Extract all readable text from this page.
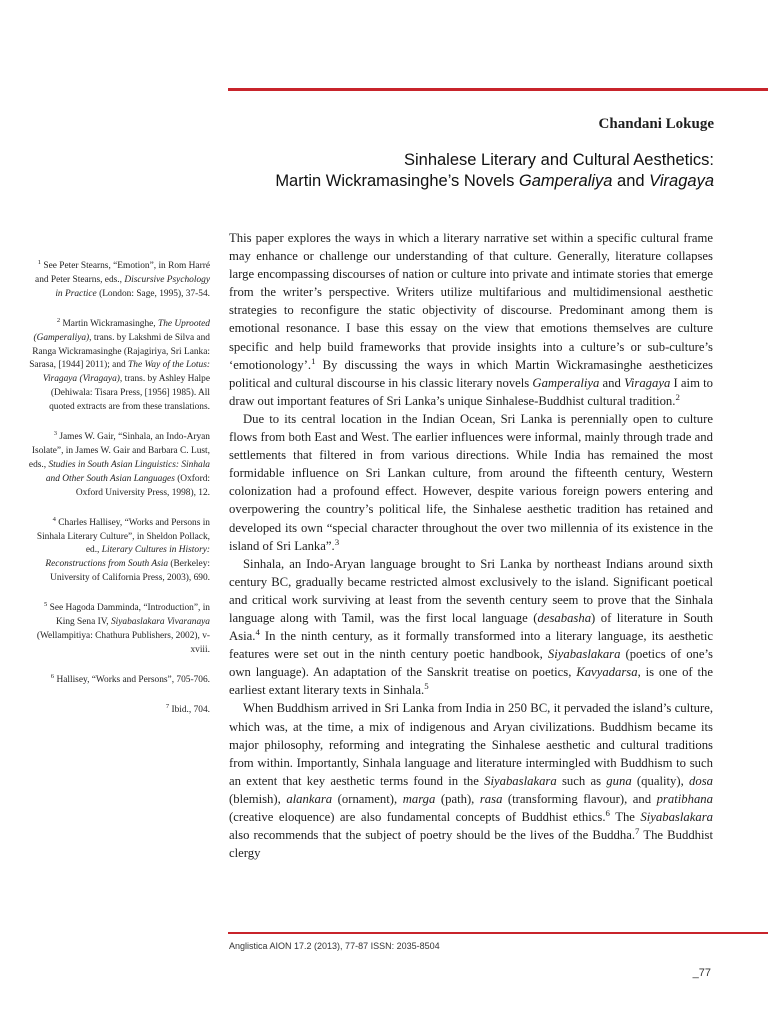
Chandani Lokuge
Sinhalese Literary and Cultural Aesthetics:
Martin Wickramasinghe’s Novels Gamperaliya and Viragaya

This paper explores the ways in which a literary narrative set within a specific cultural frame may enhance or challenge our understanding of that culture. Generally, literature collapses large encompassing discourses of nation or culture into private and intimate stories that emerge from the writer’s perspective. Writers utilize multifarious and multidimensional aesthetic strategies to reconfigure the static objectivity of discourse. Predominant among them is emotional resonance. I base this essay on the view that emotions themselves are culture specific and help build frameworks that provide insights into a culture’s or sub-culture’s ‘emotionology’.$^1$ By discussing the ways in which Martin Wickramasinghe aestheticizes political and cultural discourse in his classic literary novels Gamperaliya and Viragaya I aim to draw out important features of Sri Lanka’s unique Sinhalese-Buddhist cultural tradition.$^2$

Due to its central location in the Indian Ocean, Sri Lanka is perennially open to culture flows from both East and West. The earlier influences were informal, mainly through trade and settlements that filtered in from various directions. While India has remained the most formidable influence on Sri Lankan culture, from around the fifteenth century, Western colonization had a profound effect. However, despite various foreign powers entering and overpowering the country’s political life, the Sinhalese aesthetic tradition has retained and developed its own “special character throughout the over two millennia of its existence in the island of Sri Lanka”.$^3$

Sinhala, an Indo-Aryan language brought to Sri Lanka by northeast Indians around sixth century BC, gradually became restricted almost exclusively to the island. Significant poetical and critical work surviving at least from the seventh century seem to prove that the Sinhala language along with Tamil, was the first local language (desabasha) of literature in South Asia.$^4$ In the ninth century, as it formally transformed into a literary language, its aesthetic features were set out in the ninth century poetic handbook, Siyabaslakara (poetics of one’s own language). An adaptation of the Sanskrit treatise on poetics, Kavyadarsa, is one of the earliest extant literary texts in Sinhala.$^5$

When Buddhism arrived in Sri Lanka from India in 250 BC, it pervaded the island’s culture, which was, at the time, a mix of indigenous and Aryan civilizations. Buddhism became its major philosophy, reforming and integrating the Sinhalese aesthetic and cultural traditions from within. Importantly, Sinhala language and literature intermingled with Buddhism to such an extent that key aesthetic terms found in the Siyabaslakara such as guna (quality), dosa (blemish), alankara (ornament), marga (path), rasa (transforming flavour), and pratibhana (creative eloquence) are also fundamental concepts of Buddhist ethics.$^6$ The Siyabaslakara also recommends that the subject of poetry should be the lives of the Buddha.$^7$ The Buddhist clergy

$^1$ See Peter Stearns, “Emotion”, in Rom Harré and Peter Stearns, eds., Discursive Psychology in Practice (London: Sage, 1995), 37-54.

$^2$ Martin Wickramasinghe, The Uprooted (Gamperaliya), trans. by Lakshmi de Silva and Ranga Wickramasinghe (Rajagiriya, Sri Lanka: Sarasa, [1944] 2011); and The Way of the Lotus: Viragaya (Viragaya), trans. by Ashley Halpe (Dehiwala: Tisara Press, [1956] 1985). All quoted extracts are from these translations.

$^3$ James W. Gair, “Sinhala, an Indo-Aryan Isolate”, in James W. Gair and Barbara C. Lust, eds., Studies in South Asian Linguistics: Sinhala and Other South Asian Languages (Oxford: Oxford University Press, 1998), 12.

$^4$ Charles Hallisey, “Works and Persons in Sinhala Literary Culture”, in Sheldon Pollack, ed., Literary Cultures in History: Reconstructions from South Asia (Berkeley: University of California Press, 2003), 690.

$^5$ See Hagoda Damminda, “Introduction”, in King Sena IV, Siyabaslakara Vivaranaya (Wellampitiya: Chathura Publishers, 2002), v-xviii.

$^6$ Hallisey, “Works and Persons”, 705-706.

$^7$ Ibid., 704.

Anglistica AION 17.2 (2013), 77-87 ISSN: 2035-8504
_77
